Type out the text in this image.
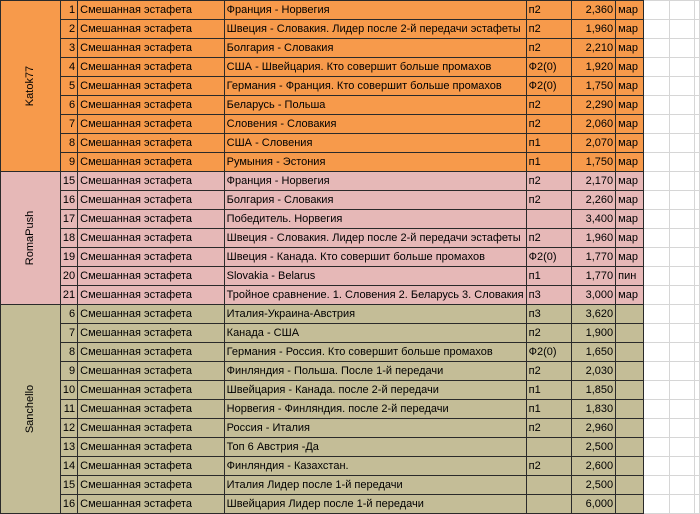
Katok77	1	Смешанная эстафета	Франция - Норвегия	п2	2,360	мар			
	2	Смешанная эстафета	Швеция - Словакия. Лидер после 2-й передачи эстафеты	п2	1,960	мар			
	3	Смешанная эстафета	Болгария - Словакия	п2	2,210	мар			
	4	Смешанная эстафета	США - Швейцария. Кто совершит больше промахов	Ф2(0)	1,920	мар			
	5	Смешанная эстафета	Германия - Франция. Кто совершит больше промахов	Ф2(0)	1,750	мар			
	6	Смешанная эстафета	Беларусь - Польша	п2	2,290	мар			
	7	Смешанная эстафета	Словения - Словакия	п2	2,060	мар			
	8	Смешанная эстафета	США - Словения	п1	2,070	мар			
	9	Смешанная эстафета	Румыния - Эстония	п1	1,750	мар			
RomaPush	15	Смешанная эстафета	Франция - Норвегия	п2	2,170	мар			
	16	Смешанная эстафета	Болгария - Словакия	п2	2,260	мар			
	17	Смешанная эстафета	Победитель. Норвегия		3,400	мар			
	18	Смешанная эстафета	Швеция - Словакия. Лидер после 2-й передачи эстафеты	п2	1,960	мар			
	19	Смешанная эстафета	Швеция - Канада. Кто совершит больше промахов	Ф2(0)	1,770	мар			
	20	Смешанная эстафета	Slovakia - Belarus	п1	1,770	пин			
	21	Смешанная эстафета	Тройное сравнение. 1. Словения 2. Беларусь 3. Словакия	п3	3,000	мар			
Sanchello	6	Смешанная эстафета	Италия-Украина-Австрия	п3	3,620				
	7	Смешанная эстафета	Канада - США	п2	1,900				
	8	Смешанная эстафета	Германия - Россия. Кто совершит больше промахов	Ф2(0)	1,650				
	9	Смешанная эстафета	Финляндия - Польша. После 1-й передачи	п2	2,030				
	10	Смешанная эстафета	Швейцария - Канада. после 2-й передачи	п1	1,850				
	11	Смешанная эстафета	Норвегия - Финляндия. после 2-й передачи	п1	1,830				
	12	Смешанная эстафета	Россия - Италия	п2	2,960				
	13	Смешанная эстафета	Топ 6 Австрия -Да		2,500				
	14	Смешанная эстафета	Финляндия - Казахстан.	п2	2,600				
	15	Смешанная эстафета	Италия Лидер после 1-й передачи		2,500				
	16	Смешанная эстафета	Швейцария Лидер после 1-й передачи		6,000				
